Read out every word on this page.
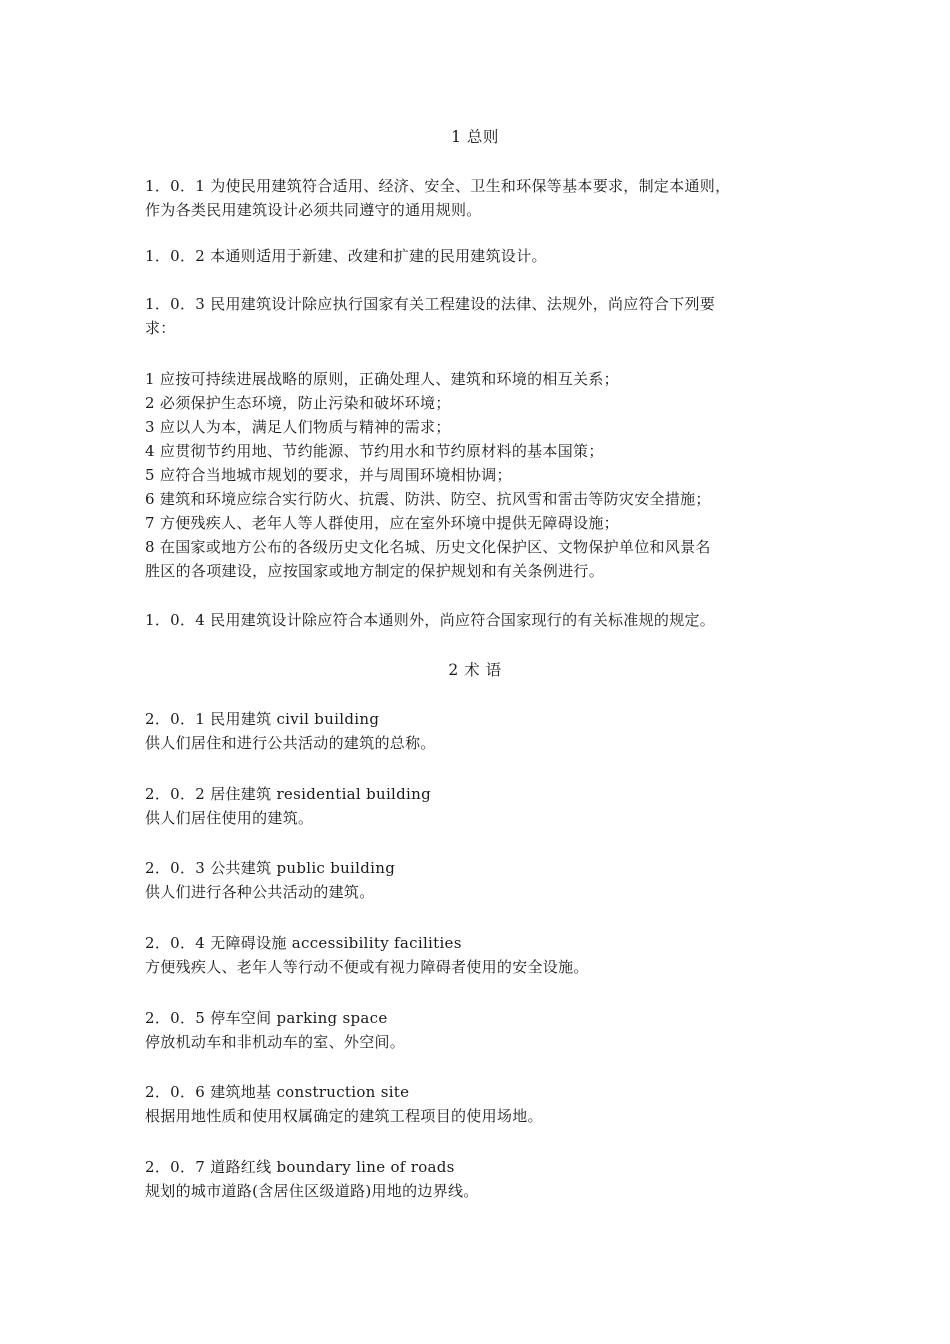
1 总则
1．0．1 为使民用建筑符合适用、经济、安全、卫生和环保等基本要求，制定本通则，
作为各类民用建筑设计必须共同遵守的通用规则。
1．0．2 本通则适用于新建、改建和扩建的民用建筑设计。
1．0．3 民用建筑设计除应执行国家有关工程建设的法律、法规外，尚应符合下列要
求：
1 应按可持续进展战略的原则，正确处理人、建筑和环境的相互关系；
2 必须保护生态环境，防止污染和破坏环境；
3 应以人为本，满足人们物质与精神的需求；
4 应贯彻节约用地、节约能源、节约用水和节约原材料的基本国策；
5 应符合当地城市规划的要求，并与周围环境相协调；
6 建筑和环境应综合实行防火、抗震、防洪、防空、抗风雪和雷击等防灾安全措施；
7 方便残疾人、老年人等人群使用，应在室外环境中提供无障碍设施；
8 在国家或地方公布的各级历史文化名城、历史文化保护区、文物保护单位和风景名
胜区的各项建设，应按国家或地方制定的保护规划和有关条例进行。
1．0．4 民用建筑设计除应符合本通则外，尚应符合国家现行的有关标准规的规定。
2 术 语
2．0．1 民用建筑 civil building
供人们居住和进行公共活动的建筑的总称。
2．0．2 居住建筑 residential building
供人们居住使用的建筑。
2．0．3 公共建筑 public building
供人们进行各种公共活动的建筑。
2．0．4 无障碍设施 accessibility facilities
方便残疾人、老年人等行动不便或有视力障碍者使用的安全设施。
2．0．5 停车空间 parking space
停放机动车和非机动车的室、外空间。
2．0．6 建筑地基 construction site
根据用地性质和使用权属确定的建筑工程项目的使用场地。
2．0．7 道路红线 boundary line of roads
规划的城市道路(含居住区级道路)用地的边界线。
